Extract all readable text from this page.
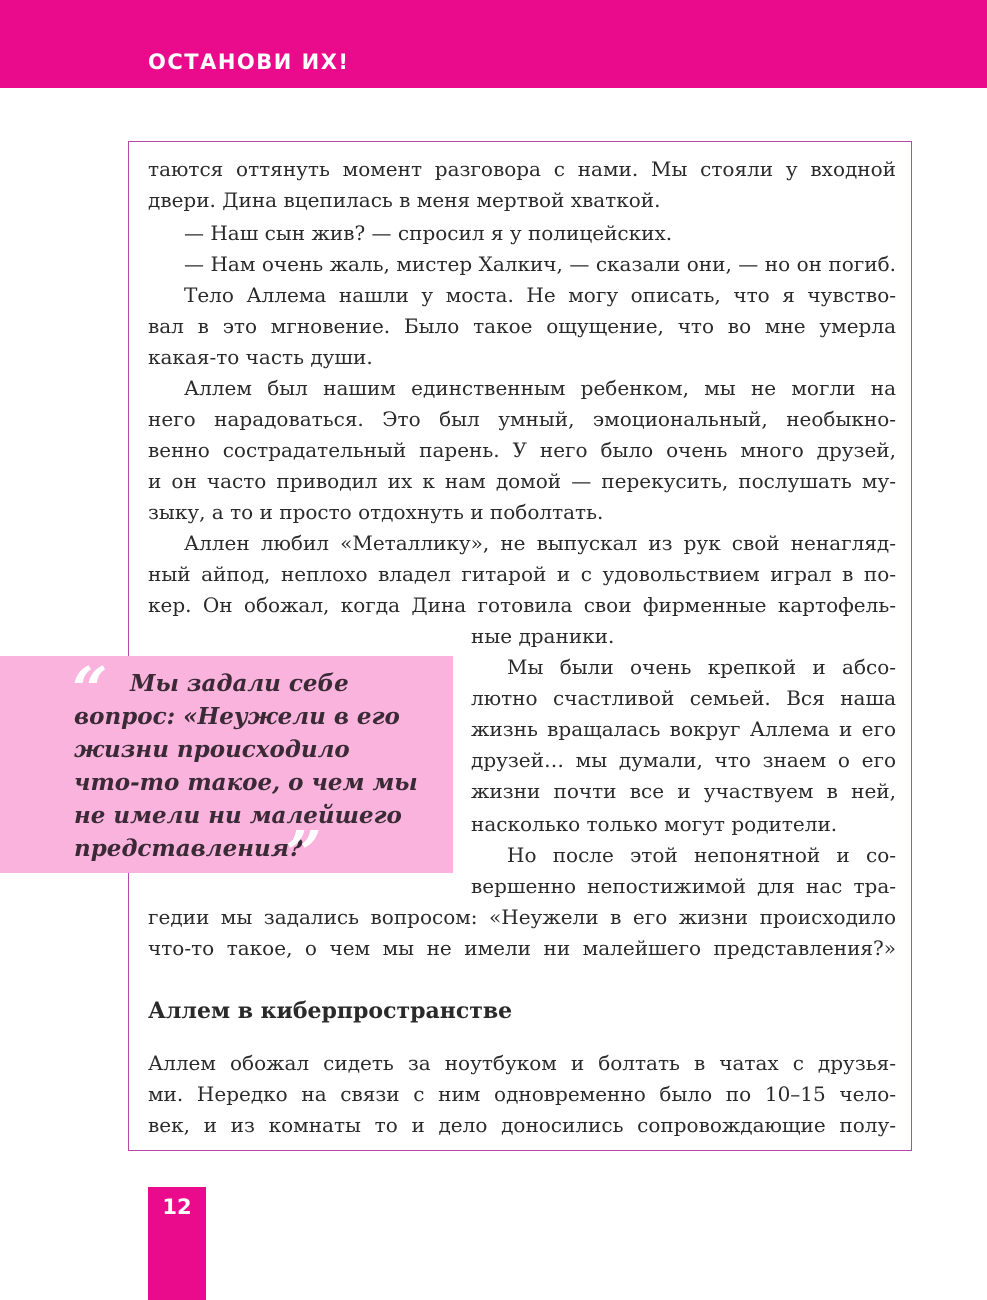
ОСТАНОВИ ИХ!
таются оттянуть момент разговора с нами. Мы стояли у входной
двери. Дина вцепилась в меня мертвой хваткой.
— Наш сын жив? — спросил я у полицейских.
— Нам очень жаль, мистер Халкич, — сказали они, — но он погиб.
Тело Аллема нашли у моста. Не могу описать, что я чувство-
вал в это мгновение. Было такое ощущение, что во мне умерла
какая-то часть души.
Аллем был нашим единственным ребенком, мы не могли на
него нарадоваться. Это был умный, эмоциональный, необыкно-
венно сострадательный парень. У него было очень много друзей,
и он часто приводил их к нам домой — перекусить, послушать му-
зыку, а то и просто отдохнуть и поболтать.
Аллен любил «Металлику», не выпускал из рук свой ненагляд-
ный айпод, неплохо владел гитарой и с удовольствием играл в по-
кер. Он обожал, когда Дина готовила свои фирменные картофель-
ные драники.
Мы были очень крепкой и абсо-
лютно счастливой семьей. Вся наша
жизнь вращалась вокруг Аллема и его
друзей… мы думали, что знаем о его
жизни почти все и участвуем в ней,
насколько только могут родители.
Но после этой непонятной и со-
вершенно непостижимой для нас тра-
гедии мы задались вопросом: «Неужели в его жизни происходило
что-то такое, о чем мы не имели ни малейшего представления?»
Аллем в киберпространстве
Аллем обожал сидеть за ноутбуком и болтать в чатах с друзья-
ми. Нередко на связи с ним одновременно было по 10–15 чело-
век, и из комнаты то и дело доносились сопровождающие полу-
“ Мы задали себе
вопрос: «Неужели в его
жизни происходило
что-то такое, о чем мы
не имели ни малейшего
представления?
”
12
